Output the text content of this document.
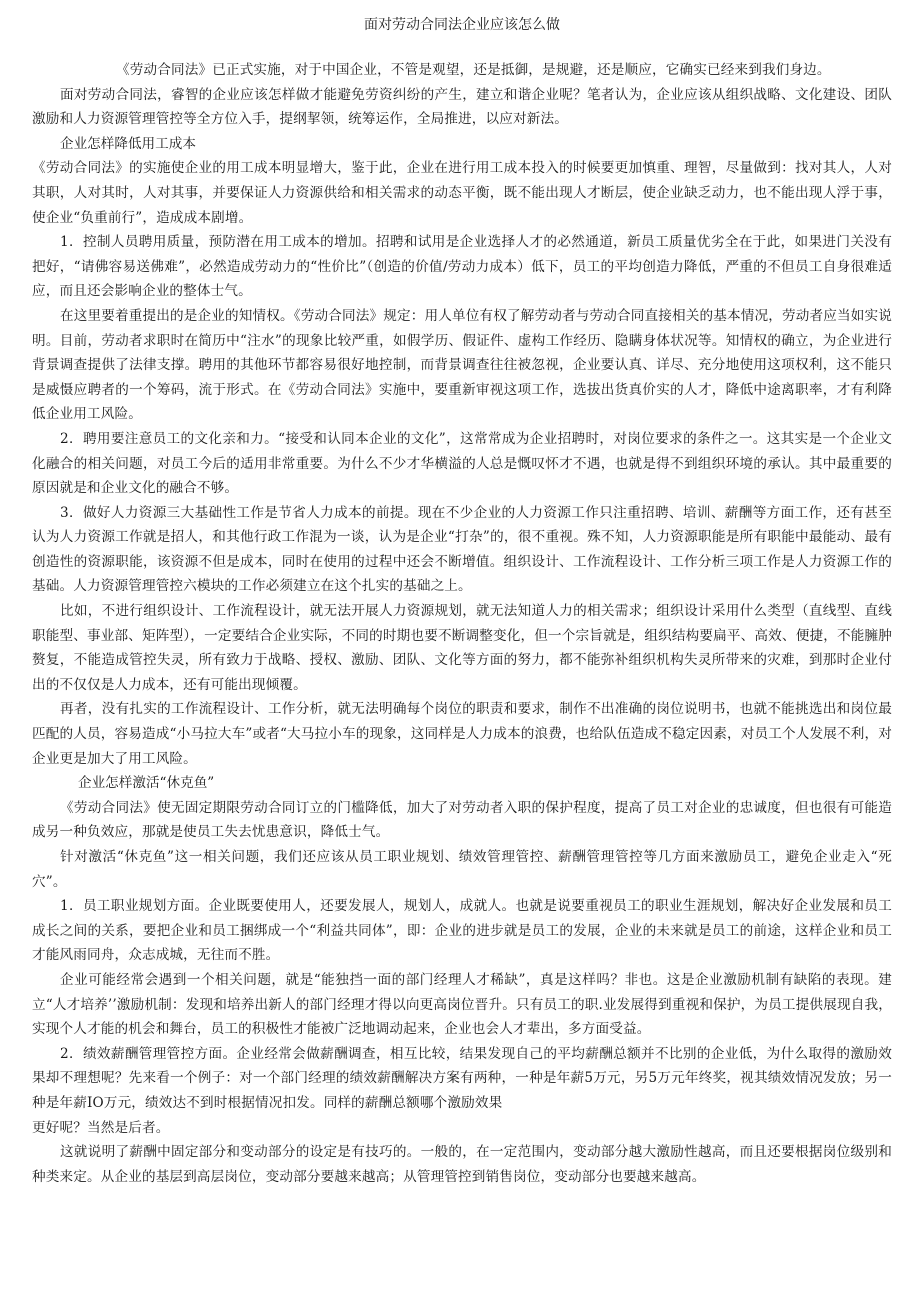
面对劳动合同法企业应该怎么做

《劳动合同法》已正式实施，对于中国企业，不管是观望，还是抵御，是规避，还是顺应，它确实已经来到我们身边。

面对劳动合同法，睿智的企业应该怎样做才能避免劳资纠纷的产生，建立和谐企业呢？笔者认为，企业应该从组织战略、文化建设、团队激励和人力资源管理管控等全方位入手，提纲挈领，统筹运作，全局推进，以应对新法。

企业怎样降低用工成本

《劳动合同法》的实施使企业的用工成本明显增大，鉴于此，企业在进行用工成本投入的时候要更加慎重、理智，尽量做到：找对其人，人对其职，人对其时，人对其事，并要保证人力资源供给和相关需求的动态平衡，既不能出现人才断层，使企业缺乏动力，也不能出现人浮于事，使企业“负重前行”，造成成本剧增。

1．控制人员聘用质量，预防潜在用工成本的增加。招聘和试用是企业选择人才的必然通道，新员工质量优劣全在于此，如果进门关没有把好，“请佛容易送佛难”，必然造成劳动力的“性价比”（创造的价值/劳动力成本）低下，员工的平均创造力降低，严重的不但员工自身很难适应，而且还会影响企业的整体士气。

在这里要着重提出的是企业的知情权。《劳动合同法》规定：用人单位有权了解劳动者与劳动合同直接相关的基本情况，劳动者应当如实说明。目前，劳动者求职时在简历中“注水”的现象比较严重，如假学历、假证件、虚构工作经历、隐瞒身体状况等。知情权的确立，为企业进行背景调查提供了法律支撑。聘用的其他环节都容易很好地控制，而背景调查往往被忽视，企业要认真、详尽、充分地使用这项权利，这不能只是威慑应聘者的一个筹码，流于形式。在《劳动合同法》实施中，要重新审视这项工作，选拔出货真价实的人才，降低中途离职率，才有利降低企业用工风险。

2．聘用要注意员工的文化亲和力。“接受和认同本企业的文化”，这常常成为企业招聘时，对岗位要求的条件之一。这其实是一个企业文化融合的相关问题，对员工今后的适用非常重要。为什么不少才华横溢的人总是慨叹怀才不遇，也就是得不到组织环境的承认。其中最重要的原因就是和企业文化的融合不够。

3．做好人力资源三大基础性工作是节省人力成本的前提。现在不少企业的人力资源工作只注重招聘、培训、薪酬等方面工作，还有甚至认为人力资源工作就是招人，和其他行政工作混为一谈，认为是企业“打杂”的，很不重视。殊不知，人力资源职能是所有职能中最能动、最有创造性的资源职能，该资源不但是成本，同时在使用的过程中还会不断增值。组织设计、工作流程设计、工作分析三项工作是人力资源工作的基础。人力资源管理管控六模块的工作必须建立在这个扎实的基础之上。

比如，不进行组织设计、工作流程设计，就无法开展人力资源规划，就无法知道人力的相关需求；组织设计采用什么类型（直线型、直线职能型、事业部、矩阵型），一定要结合企业实际，不同的时期也要不断调整变化，但一个宗旨就是，组织结构要扁平、高效、便捷，不能臃肿赘复，不能造成管控失灵，所有致力于战略、授权、激励、团队、文化等方面的努力，都不能弥补组织机构失灵所带来的灾难，到那时企业付出的不仅仅是人力成本，还有可能出现倾覆。

再者，没有扎实的工作流程设计、工作分析，就无法明确每个岗位的职责和要求，制作不出准确的岗位说明书，也就不能挑选出和岗位最匹配的人员，容易造成“小马拉大车”或者“大马拉小车的现象，这同样是人力成本的浪费，也给队伍造成不稳定因素，对员工个人发展不利，对企业更是加大了用工风险。

企业怎样激活“休克鱼”

《劳动合同法》使无固定期限劳动合同订立的门槛降低，加大了对劳动者入职的保护程度，提高了员工对企业的忠诚度，但也很有可能造成另一种负效应，那就是使员工失去忧患意识，降低士气。

针对激活“休克鱼”这一相关问题，我们还应该从员工职业规划、绩效管理管控、薪酬管理管控等几方面来激励员工，避免企业走入“死穴”。

1．员工职业规划方面。企业既要使用人，还要发展人，规划人，成就人。也就是说要重视员工的职业生涯规划，解决好企业发展和员工成长之间的关系，要把企业和员工捆绑成一个“利益共同体”，即：企业的进步就是员工的发展，企业的未来就是员工的前途，这样企业和员工才能风雨同舟，众志成城，无往而不胜。

企业可能经常会遇到一个相关问题，就是“能独挡一面的部门经理人才稀缺”，真是这样吗？非也。这是企业激励机制有缺陷的表现。建立“人才培养’’激励机制：发现和培养出新人的部门经理才得以向更高岗位晋升。只有员工的职.业发展得到重视和保护，为员工提供展现自我，实现个人才能的机会和舞台，员工的积极性才能被广泛地调动起来，企业也会人才辈出，多方面受益。

2．绩效薪酬管理管控方面。企业经常会做薪酬调查，相互比较，结果发现自己的平均薪酬总额并不比别的企业低，为什么取得的激励效果却不理想呢？先来看一个例子：对一个部门经理的绩效薪酬解决方案有两种，一种是年薪5万元，另5万元年终奖，视其绩效情况发放；另一种是年薪IO万元，绩效达不到时根据情况扣发。同样的薪酬总额哪个激励效果

更好呢？当然是后者。

这就说明了薪酬中固定部分和变动部分的设定是有技巧的。一般的，在一定范围内，变动部分越大激励性越高，而且还要根据岗位级别和种类来定。从企业的基层到高层岗位，变动部分要越来越高；从管理管控到销售岗位，变动部分也要越来越高。
